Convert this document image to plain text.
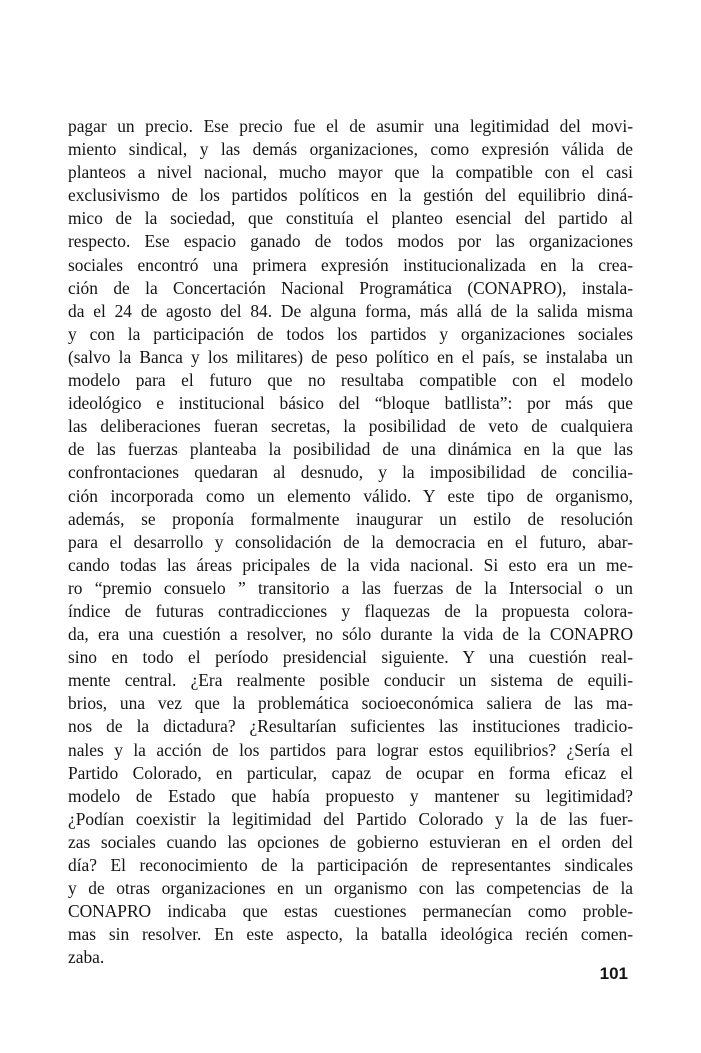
pagar un precio. Ese precio fue el de asumir una legitimidad del movi-
miento sindical, y las demás organizaciones, como expresión válida de
planteos a nivel nacional, mucho mayor que la compatible con el casi
exclusivismo de los partidos políticos en la gestión del equilibrio diná-
mico de la sociedad, que constituía el planteo esencial del partido al
respecto. Ese espacio ganado de todos modos por las organizaciones
sociales encontró una primera expresión institucionalizada en la crea-
ción de la Concertación Nacional Programática (CONAPRO), instala-
da el 24 de agosto del 84. De alguna forma, más allá de la salida misma
y con la participación de todos los partidos y organizaciones sociales
(salvo la Banca y los militares) de peso político en el país, se instalaba un
modelo para el futuro que no resultaba compatible con el modelo
ideológico e institucional básico del “bloque batllista”: por más que
las deliberaciones fueran secretas, la posibilidad de veto de cualquiera
de las fuerzas planteaba la posibilidad de una dinámica en la que las
confrontaciones quedaran al desnudo, y la imposibilidad de concilia-
ción incorporada como un elemento válido. Y este tipo de organismo,
además, se proponía formalmente inaugurar un estilo de resolución
para el desarrollo y consolidación de la democracia en el futuro, abar-
cando todas las áreas pricipales de la vida nacional. Si esto era un me-
ro “premio consuelo ” transitorio a las fuerzas de la Intersocial o un
índice de futuras contradicciones y flaquezas de la propuesta colora-
da, era una cuestión a resolver, no sólo durante la vida de la CONAPRO
sino en todo el período presidencial siguiente. Y una cuestión real-
mente central. ¿Era realmente posible conducir un sistema de equili-
brios, una vez que la problemática socioeconómica saliera de las ma-
nos de la dictadura? ¿Resultarían suficientes las instituciones tradicio-
nales y la acción de los partidos para lograr estos equilibrios? ¿Sería el
Partido Colorado, en particular, capaz de ocupar en forma eficaz el
modelo de Estado que había propuesto y mantener su legitimidad?
¿Podían coexistir la legitimidad del Partido Colorado y la de las fuer-
zas sociales cuando las opciones de gobierno estuvieran en el orden del
día? El reconocimiento de la participación de representantes sindicales
y de otras organizaciones en un organismo con las competencias de la
CONAPRO indicaba que estas cuestiones permanecían como proble-
mas sin resolver. En este aspecto, la batalla ideológica recién comen-
zaba.
101
